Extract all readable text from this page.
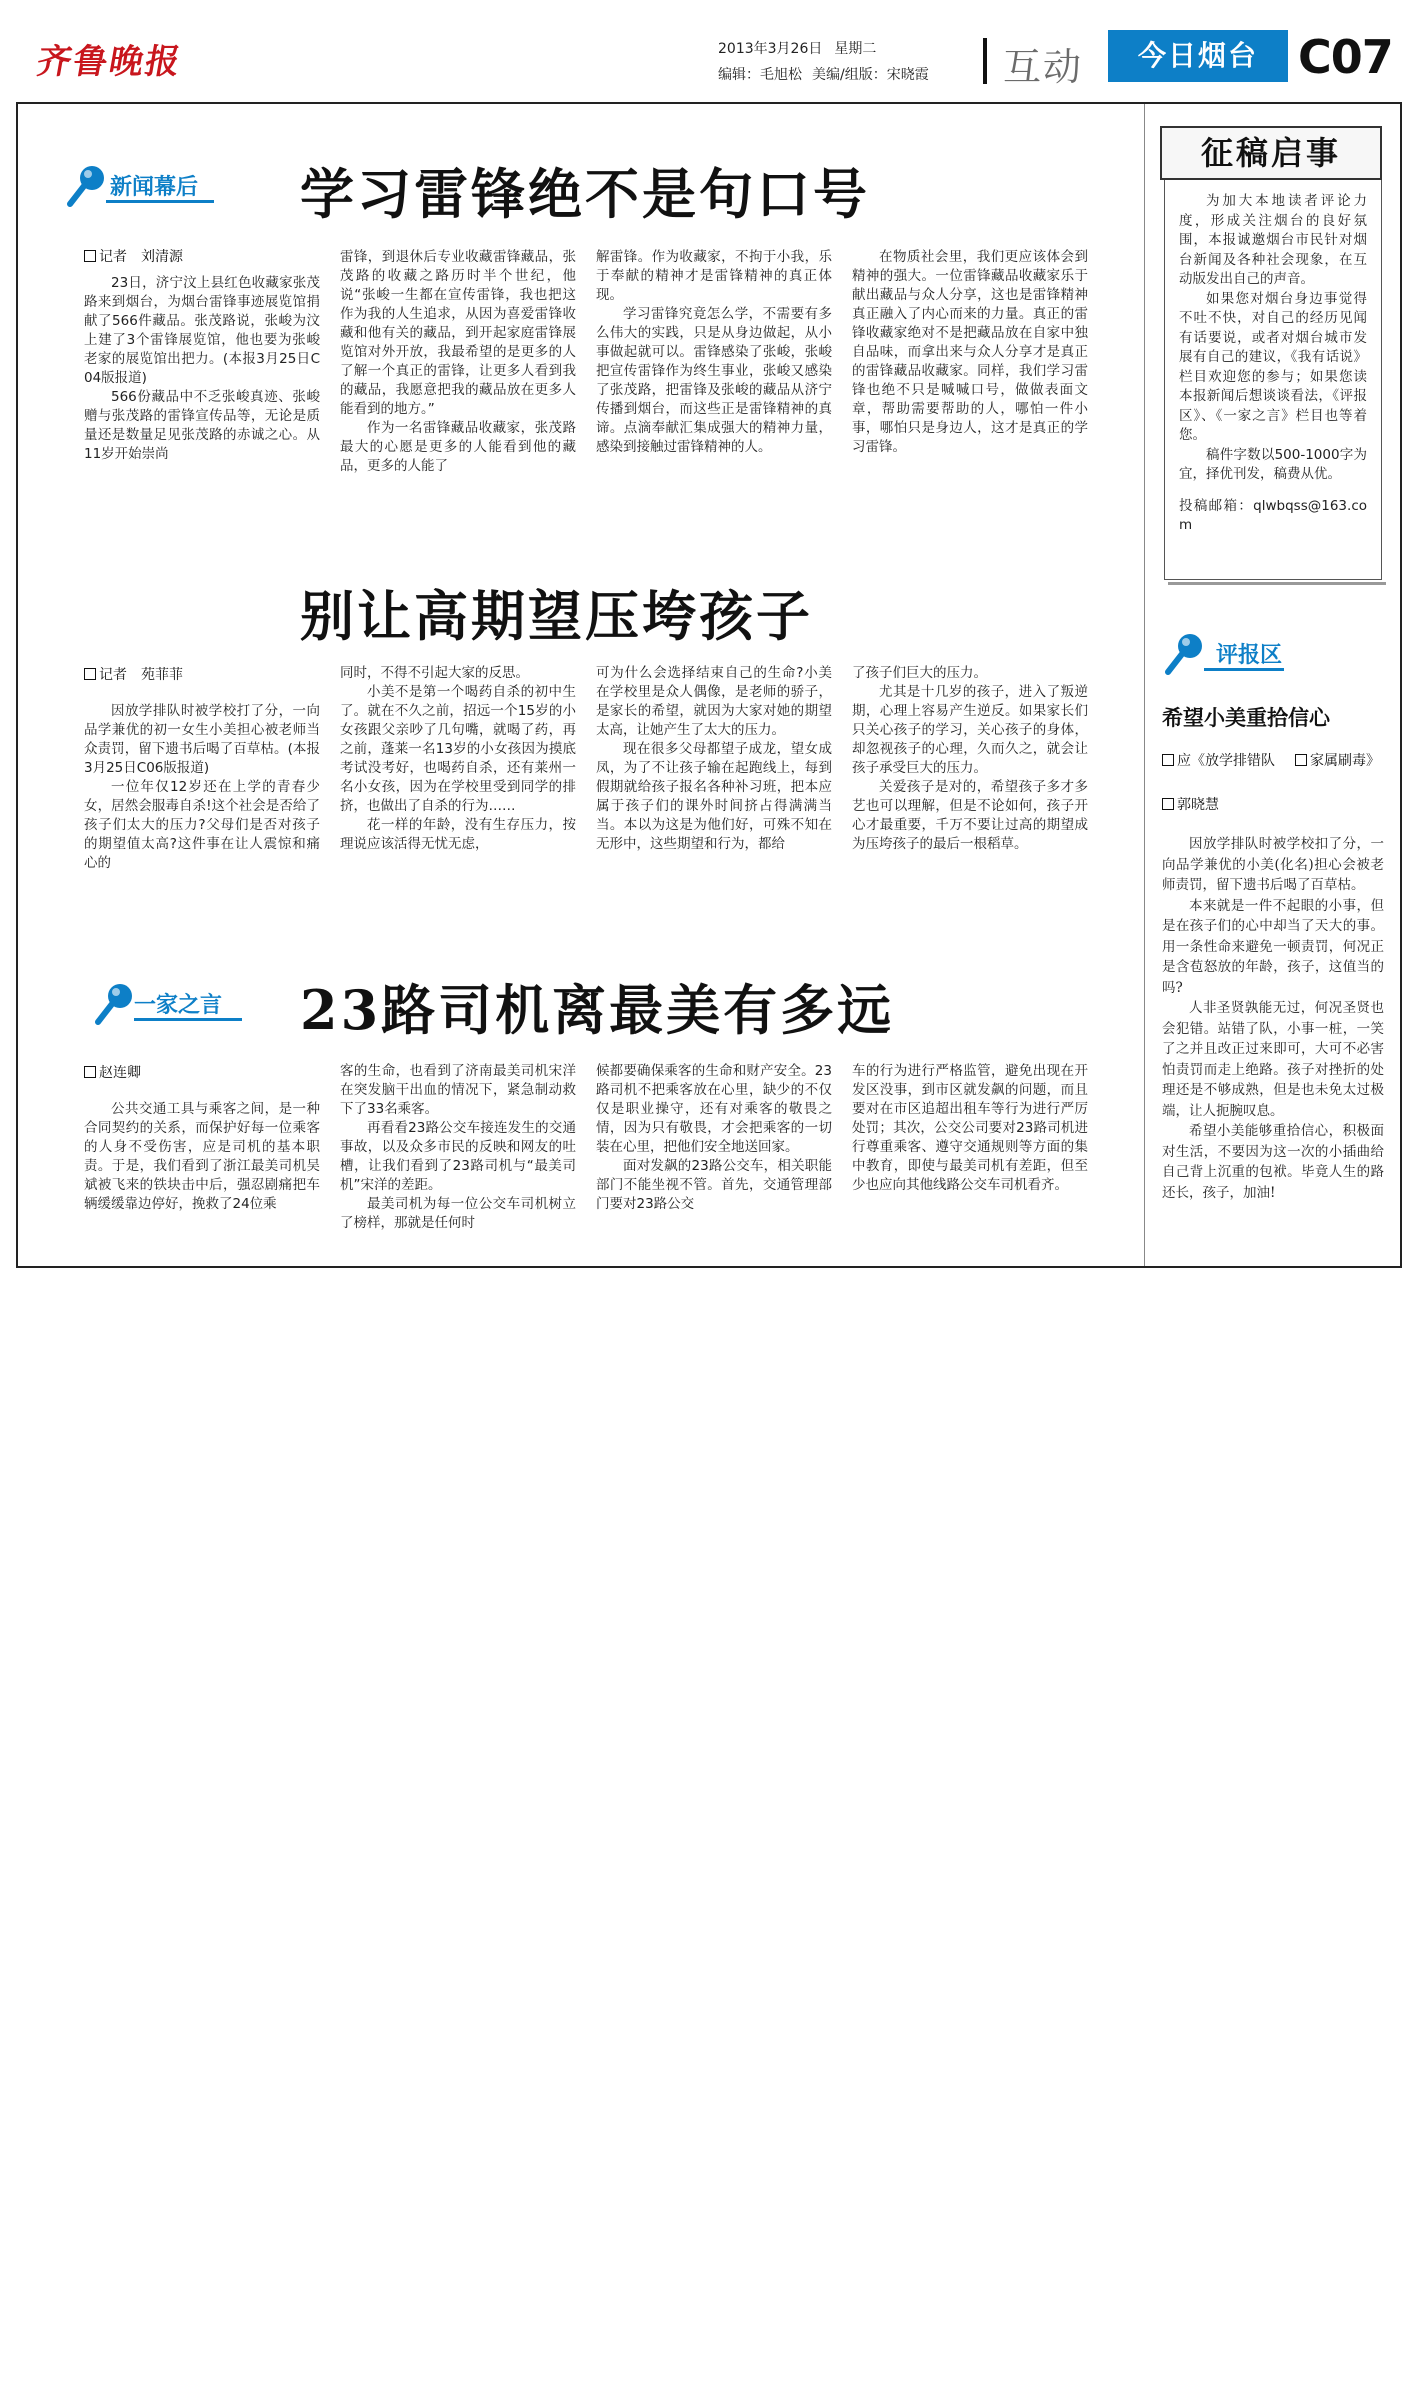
齐鲁晚报	2013年3月26日 星期二
编辑：毛旭松 美编/组版：宋晓霞 互动	今日烟台 C07
新闻幕后 学习雷锋绝不是句口号
记者　刘清源

23日，济宁汶上县红色收藏家张茂路来到烟台，为烟台雷锋事迹展览馆捐献了566件藏品。张茂路说，张峻为汶上建了3个雷锋展览馆，他也要为张峻老家的展览馆出把力。(本报3月25日C04版报道)

566份藏品中不乏张峻真迹、张峻赠与张茂路的雷锋宣传品等，无论是质量还是数量足见张茂路的赤诚之心。从11岁开始崇尚

雷锋，到退休后专业收藏雷锋藏品，张茂路的收藏之路历时半个世纪，他说“张峻一生都在宣传雷锋，我也把这作为我的人生追求，从因为喜爱雷锋收藏和他有关的藏品，到开起家庭雷锋展览馆对外开放，我最希望的是更多的人了解一个真正的雷锋，让更多人看到我的藏品，我愿意把我的藏品放在更多人能看到的地方。”

作为一名雷锋藏品收藏家，张茂路最大的心愿是更多的人能看到他的藏品，更多的人能了

解雷锋。作为收藏家，不拘于小我，乐于奉献的精神才是雷锋精神的真正体现。

学习雷锋究竟怎么学，不需要有多么伟大的实践，只是从身边做起，从小事做起就可以。雷锋感染了张峻，张峻把宣传雷锋作为终生事业，张峻又感染了张茂路，把雷锋及张峻的藏品从济宁传播到烟台，而这些正是雷锋精神的真谛。点滴奉献汇集成强大的精神力量，感染到接触过雷锋精神的人。

在物质社会里，我们更应该体会到精神的强大。一位雷锋藏品收藏家乐于献出藏品与众人分享，这也是雷锋精神真正融入了内心而来的力量。真正的雷锋收藏家绝对不是把藏品放在自家中独自品味，而拿出来与众人分享才是真正的雷锋藏品收藏家。同样，我们学习雷锋也绝不只是喊喊口号，做做表面文章，帮助需要帮助的人，哪怕一件小事，哪怕只是身边人，这才是真正的学习雷锋。

别让高期望压垮孩子
记者　苑菲菲

因放学排队时被学校打了分，一向品学兼优的初一女生小美担心被老师当众责罚，留下遗书后喝了百草枯。(本报3月25日C06版报道)

一位年仅12岁还在上学的青春少女，居然会服毒自杀!这个社会是否给了孩子们太大的压力?父母们是否对孩子的期望值太高?这件事在让人震惊和痛心的

同时，不得不引起大家的反思。

小美不是第一个喝药自杀的初中生了。就在不久之前，招远一个15岁的小女孩跟父亲吵了几句嘴，就喝了药，再之前，蓬莱一名13岁的小女孩因为摸底考试没考好，也喝药自杀，还有莱州一名小女孩，因为在学校里受到同学的排挤，也做出了自杀的行为……

花一样的年龄，没有生存压力，按理说应该活得无忧无虑，

可为什么会选择结束自己的生命?小美在学校里是众人偶像，是老师的骄子，是家长的希望，就因为大家对她的期望太高，让她产生了太大的压力。

现在很多父母都望子成龙，望女成凤，为了不让孩子输在起跑线上，每到假期就给孩子报名各种补习班，把本应属于孩子们的课外时间挤占得满满当当。本以为这是为他们好，可殊不知在无形中，这些期望和行为，都给

了孩子们巨大的压力。

尤其是十几岁的孩子，进入了叛逆期，心理上容易产生逆反。如果家长们只关心孩子的学习，关心孩子的身体，却忽视孩子的心理，久而久之，就会让孩子承受巨大的压力。

关爱孩子是对的，希望孩子多才多艺也可以理解，但是不论如何，孩子开心才最重要，千万不要让过高的期望成为压垮孩子的最后一根稻草。

一家之言 23路司机离最美有多远
赵连卿

公共交通工具与乘客之间，是一种合同契约的关系，而保护好每一位乘客的人身不受伤害，应是司机的基本职责。于是，我们看到了浙江最美司机吴斌被飞来的铁块击中后，强忍剧痛把车辆缓缓靠边停好，挽救了24位乘

客的生命，也看到了济南最美司机宋洋在突发脑干出血的情况下，紧急制动救下了33名乘客。

再看看23路公交车接连发生的交通事故，以及众多市民的反映和网友的吐槽，让我们看到了23路司机与“最美司机”宋洋的差距。

最美司机为每一位公交车司机树立了榜样，那就是任何时

候都要确保乘客的生命和财产安全。23路司机不把乘客放在心里，缺少的不仅仅是职业操守，还有对乘客的敬畏之情，因为只有敬畏，才会把乘客的一切装在心里，把他们安全地送回家。

面对发飙的23路公交车，相关职能部门不能坐视不管。首先，交通管理部门要对23路公交

车的行为进行严格监管，避免出现在开发区没事，到市区就发飙的问题，而且要对在市区追超出租车等行为进行严厉处罚；其次，公交公司要对23路司机进行尊重乘客、遵守交通规则等方面的集中教育，即使与最美司机有差距，但至少也应向其他线路公交车司机看齐。

征稿启事

为加大本地读者评论力度，形成关注烟台的良好氛围，本报诚邀烟台市民针对烟台新闻及各种社会现象，在互动版发出自己的声音。

如果您对烟台身边事觉得不吐不快，对自己的经历见闻有话要说，或者对烟台城市发展有自己的建议，《我有话说》栏目欢迎您的参与；如果您读本报新闻后想谈谈看法，《评报区》、《一家之言》栏目也等着您。

稿件字数以500-1000字为宜，择优刊发，稿费从优。

投稿邮箱：qlwbqss@163.com

评报区
希望小美重拾信心
应《放学排错队	家属刷毒》
郭晓慧

因放学排队时被学校扣了分，一向品学兼优的小美(化名)担心会被老师责罚，留下遗书后喝了百草枯。

本来就是一件不起眼的小事，但是在孩子们的心中却当了天大的事。用一条性命来避免一顿责罚，何况正是含苞怒放的年龄，孩子，这值当的吗?

人非圣贤孰能无过，何况圣贤也会犯错。站错了队，小事一桩，一笑了之并且改正过来即可，大可不必害怕责罚而走上绝路。孩子对挫折的处理还是不够成熟，但是也未免太过极端，让人扼腕叹息。

希望小美能够重拾信心，积极面对生活，不要因为这一次的小插曲给自己背上沉重的包袱。毕竟人生的路还长，孩子，加油!
